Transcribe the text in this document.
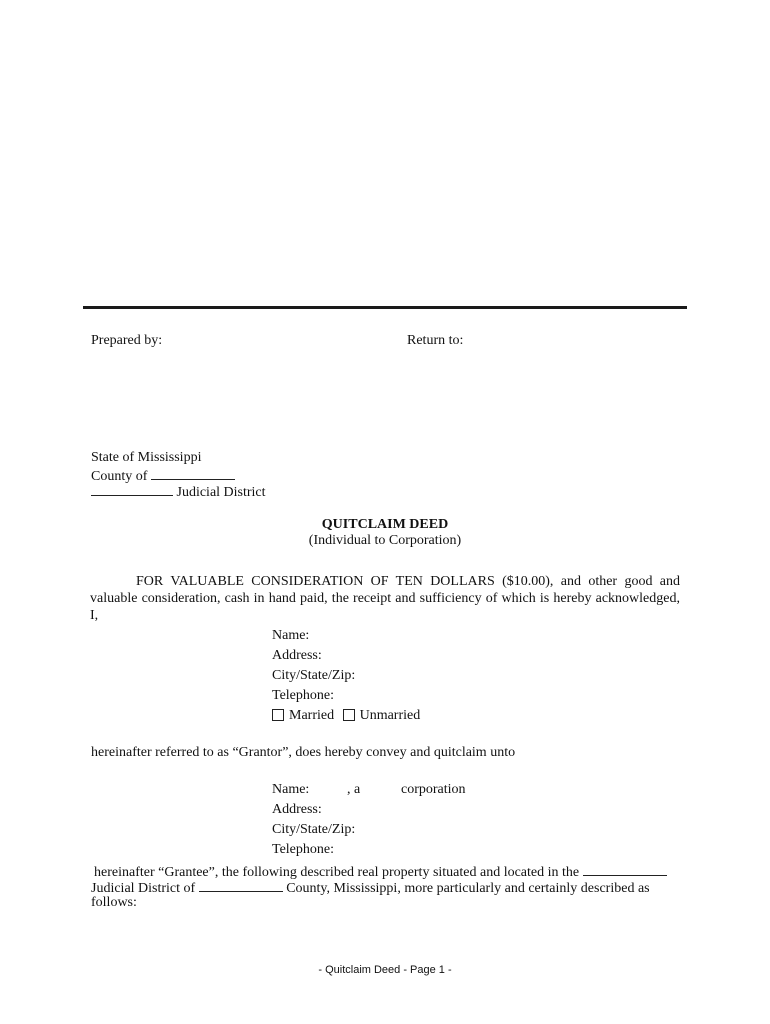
Prepared by:	Return to:
State of Mississippi
County of
Judicial District
QUITCLAIM DEED
(Individual to Corporation)
FOR VALUABLE CONSIDERATION OF TEN DOLLARS ($10.00), and other good and valuable consideration, cash in hand paid, the receipt and sufficiency of which is hereby acknowledged, I,
Name:
Address:
City/State/Zip:
Telephone:
Married Unmarried
hereinafter referred to as “Grantor”, does hereby convey and quitclaim unto
Name:	, a	corporation
Address:
City/State/Zip:
Telephone:
hereinafter “Grantee”, the following described real property situated and located in the
Judicial District of	County, Mississippi, more particularly and certainly described as
follows:
- Quitclaim Deed - Page 1 -
